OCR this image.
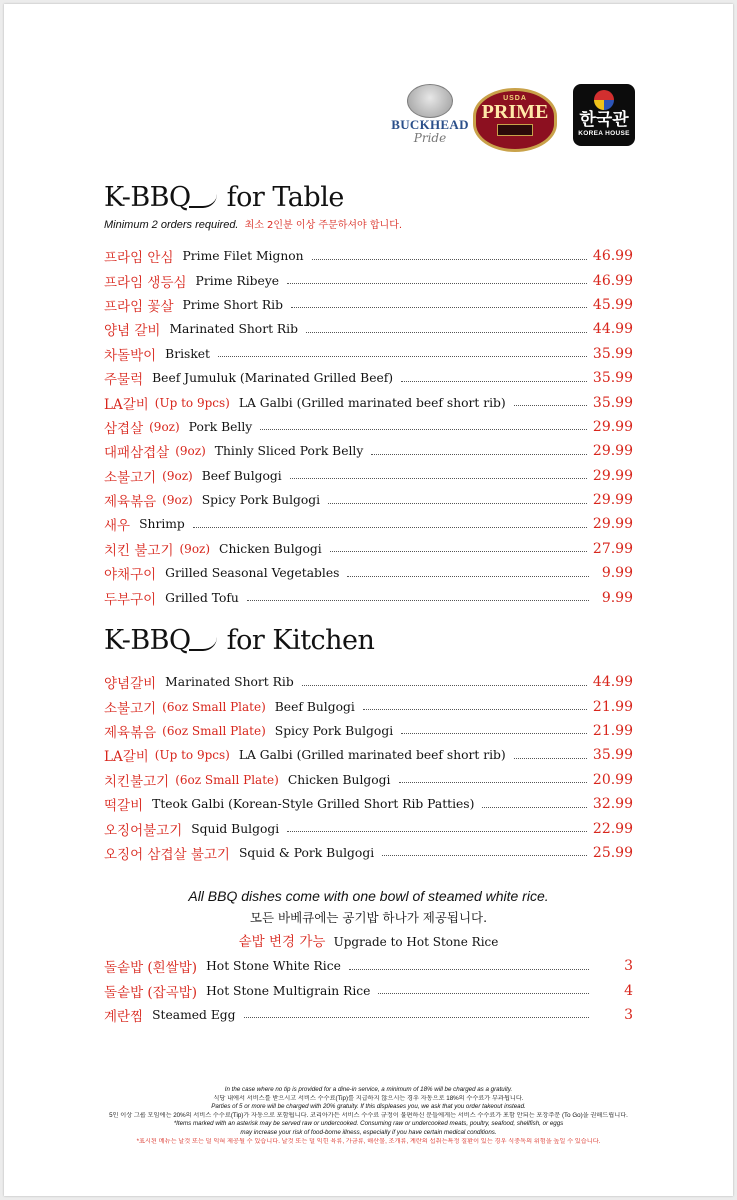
BUCKHEAD
Pride
USDA
PRIME	한국관
KOREA HOUSE
K-BBQ for Table
Minimum 2 orders required. 최소 2인분 이상 주문하셔야 합니다.
프라임 안심 Prime Filet Mignon	46.99
프라임 생등심 Prime Ribeye	46.99
프라임 꽃살 Prime Short Rib	45.99
양념 갈비 Marinated Short Rib	44.99
차돌박이 Brisket	35.99
주물럭 Beef Jumuluk (Marinated Grilled Beef)	35.99
LA갈비 (Up to 9pcs) LA Galbi (Grilled marinated beef short rib)	35.99
삼겹살 (9oz) Pork Belly	29.99
대패삼겹살 (9oz) Thinly Sliced Pork Belly	29.99
소불고기 (9oz) Beef Bulgogi	29.99
제육볶음 (9oz) Spicy Pork Bulgogi	29.99
새우 Shrimp	29.99
치킨 불고기 (9oz) Chicken Bulgogi	27.99
야채구이 Grilled Seasonal Vegetables	9.99
두부구이 Grilled Tofu	9.99
K-BBQ for Kitchen
양념갈비 Marinated Short Rib	44.99
소불고기 (6oz Small Plate) Beef Bulgogi	21.99
제육볶음 (6oz Small Plate) Spicy Pork Bulgogi	21.99
LA갈비 (Up to 9pcs) LA Galbi (Grilled marinated beef short rib)	35.99
치킨불고기 (6oz Small Plate) Chicken Bulgogi	20.99
떡갈비 Tteok Galbi (Korean-Style Grilled Short Rib Patties)	32.99
오징어불고기 Squid Bulgogi	22.99
오징어 삼겹살 불고기 Squid & Pork Bulgogi	25.99
All BBQ dishes come with one bowl of steamed white rice.
모든 바베큐에는 공기밥 하나가 제공됩니다.
솥밥 변경 가능 Upgrade to Hot Stone Rice
돌솥밥 (흰쌀밥) Hot Stone White Rice	3
돌솥밥 (잡곡밥) Hot Stone Multigrain Rice	4
계란찜 Steamed Egg	3
In the case where no tip is provided for a dine-in service, a minimum of 18% will be charged as a gratuity.
식당 내에서 서비스를 받으시고 서비스 수수료(Tip)를 지급하지 않으시는 경우 자동으로 18%의 수수료가 부과됩니다.
Parties of 5 or more will be charged with 20% gratuity. If this displeases you, we ask that you order takeout instead.
5인 이상 그룹 모임에는 20%의 서비스 수수료(Tip)가 자동으로 포함됩니다. 코리아가든 서비스 수수료 규정이 불편하신 분들에게는 서비스 수수료가 포함 안되는 포장주문 (To Go)을 권해드립니다.
*Items marked with an asterisk may be served raw or undercooked. Consuming raw or undercooked meats, poultry, seafood, shellfish, or eggs
may increase your risk of food-borne illness, especially if you have certain medical conditions.
*표시된 메뉴는 날것 또는 덜 익혀 제공될 수 있습니다. 날것 또는 덜 익힌 육류, 가금류, 해산물, 조개류, 계란의 섭취는특정 질환이 있는 경우 식중독의 위험을 높일 수 있습니다.
